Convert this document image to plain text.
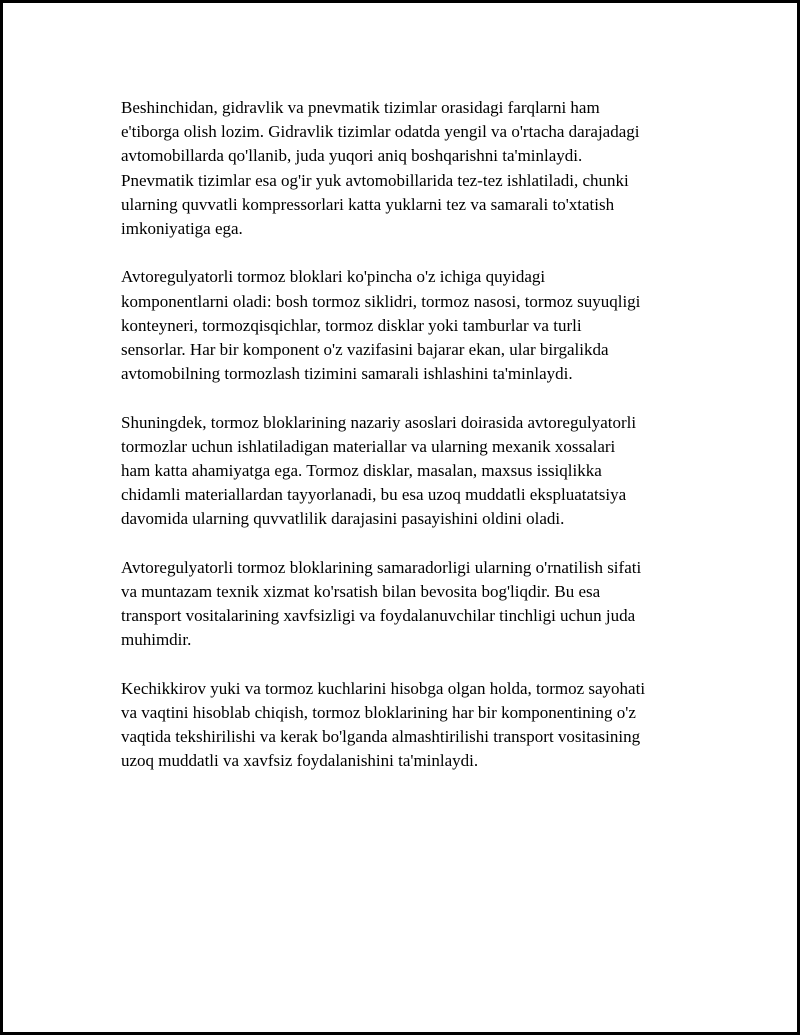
Beshinchidan, gidravlik va pnevmatik tizimlar orasidagi farqlarni ham
e'tiborga olish lozim. Gidravlik tizimlar odatda yengil va o'rtacha darajadagi
avtomobillarda qo'llanib, juda yuqori aniq boshqarishni ta'minlaydi.
Pnevmatik tizimlar esa og'ir yuk avtomobillarida tez-tez ishlatiladi, chunki
ularning quvvatli kompressorlari katta yuklarni tez va samarali to'xtatish
imkoniyatiga ega.

Avtoregulyatorli tormoz bloklari ko'pincha o'z ichiga quyidagi
komponentlarni oladi: bosh tormoz siklidri, tormoz nasosi, tormoz suyuqligi
konteyneri, tormozqisqichlar, tormoz disklar yoki tamburlar va turli
sensorlar. Har bir komponent o'z vazifasini bajarar ekan, ular birgalikda
avtomobilning tormozlash tizimini samarali ishlashini ta'minlaydi.

Shuningdek, tormoz bloklarining nazariy asoslari doirasida avtoregulyatorli
tormozlar uchun ishlatiladigan materiallar va ularning mexanik xossalari
ham katta ahamiyatga ega. Tormoz disklar, masalan, maxsus issiqlikka
chidamli materiallardan tayyorlanadi, bu esa uzoq muddatli ekspluatatsiya
davomida ularning quvvatlilik darajasini pasayishini oldini oladi.

Avtoregulyatorli tormoz bloklarining samaradorligi ularning o'rnatilish sifati
va muntazam texnik xizmat ko'rsatish bilan bevosita bog'liqdir. Bu esa
transport vositalarining xavfsizligi va foydalanuvchilar tinchligi uchun juda
muhimdir.

Kechikkirov yuki va tormoz kuchlarini hisobga olgan holda, tormoz sayohati
va vaqtini hisoblab chiqish, tormoz bloklarining har bir komponentining o'z
vaqtida tekshirilishi va kerak bo'lganda almashtirilishi transport vositasining
uzoq muddatli va xavfsiz foydalanishini ta'minlaydi.
